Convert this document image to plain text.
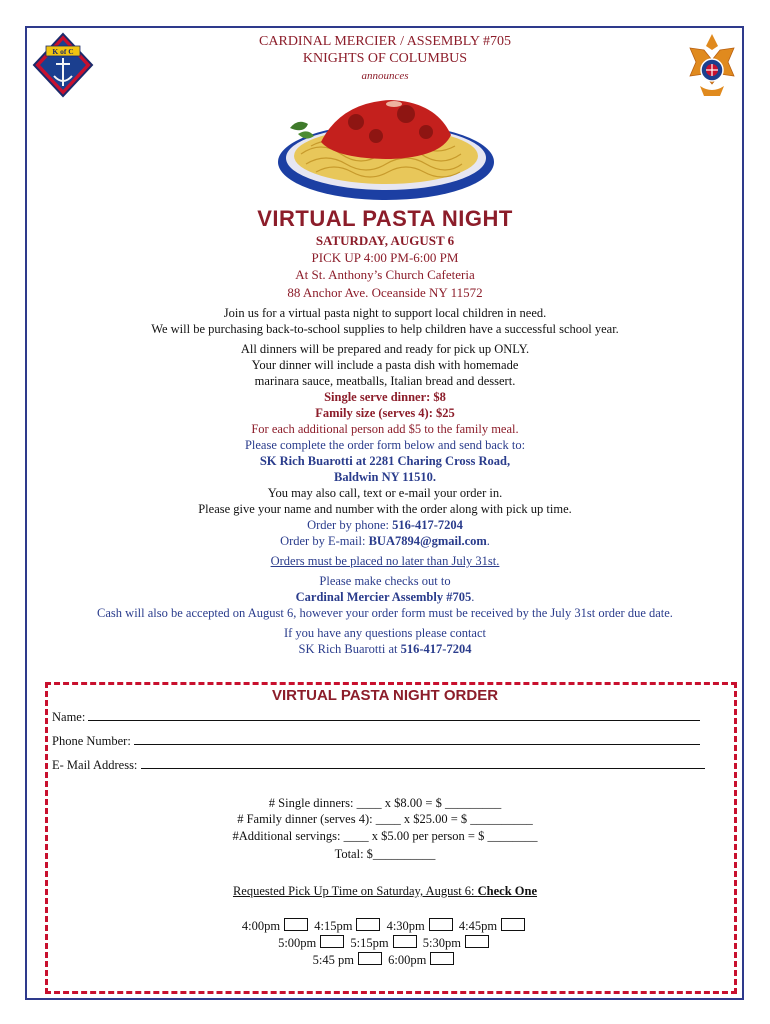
K of C
CARDINAL MERCIER / ASSEMBLY #705
KNIGHTS OF COLUMBUS
announces
VIRTUAL PASTA NIGHT
SATURDAY, AUGUST 6
PICK UP 4:00 PM-6:00 PM
At St. Anthony’s Church Cafeteria
88 Anchor Ave. Oceanside NY 11572
Join us for a virtual pasta night to support local children in need.
We will be purchasing back-to-school supplies to help children have a successful school year.
All dinners will be prepared and ready for pick up ONLY.
Your dinner will include a pasta dish with homemade
marinara sauce, meatballs, Italian bread and dessert.
Single serve dinner: $8
Family size (serves 4): $25
For each additional person add $5 to the family meal.
Please complete the order form below and send back to:
SK Rich Buarotti at 2281 Charing Cross Road,
Baldwin NY 11510.
You may also call, text or e-mail your order in.
Please give your name and number with the order along with pick up time.
Order by phone: 516-417-7204
Order by E-mail: BUA7894@gmail.com.
Orders must be placed no later than July 31st.
Please make checks out to
Cardinal Mercier Assembly #705.
Cash will also be accepted on August 6, however your order form must be received by the July 31st order due date.
If you have any questions please contact
SK Rich Buarotti at 516-417-7204
VIRTUAL PASTA NIGHT ORDER
Name:
Phone Number:
E- Mail Address:
# Single dinners: ____ x $8.00 = $ _________
# Family dinner (serves 4): ____ x $25.00 = $ __________
#Additional servings: ____ x $5.00 per person = $ ________
Total: $__________
Requested Pick Up Time on Saturday, August 6: Check One
4:00pm	4:15pm	4:30pm	4:45pm
5:00pm	5:15pm	5:30pm
5:45 pm	6:00pm
